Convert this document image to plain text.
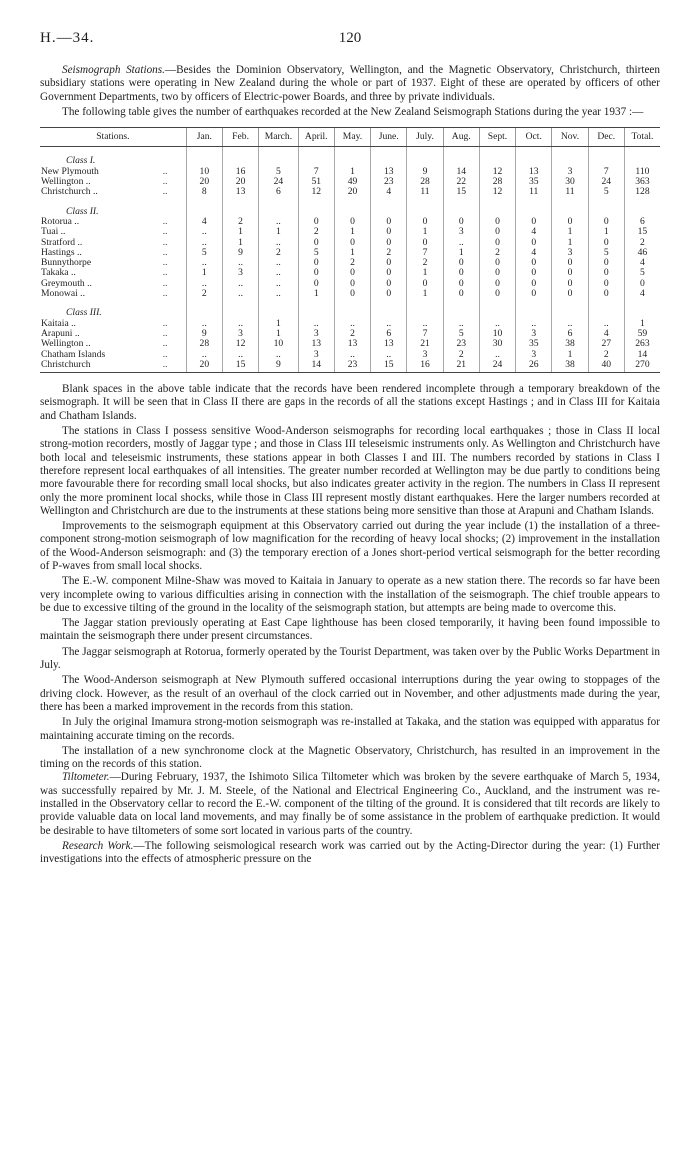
H.—34.	120

Seismograph Stations.—Besides the Dominion Observatory, Wellington, and the Magnetic Observatory, Christchurch, thirteen subsidiary stations were operating in New Zealand during the whole or part of 1937. Eight of these are operated by officers of other Government Departments, two by officers of Electric-power Boards, and three by private individuals.

The following table gives the number of earthquakes recorded at the New Zealand Seismograph Stations during the year 1937 :—

Stations.		Jan.	Feb.	March.	April.	May.	June.	July.	Aug.	Sept.	Oct.	Nov.	Dec.	Total.
Class I.														
New Plymouth	..	10	16	5	7	1	13	9	14	12	13	3	7	110
Wellington ..	..	20	20	24	51	49	23	28	22	28	35	30	24	363
Christchurch ..	..	8	13	6	12	20	4	11	15	12	11	11	5	128
Class II.														
Rotorua ..	..	4	2	..	0	0	0	0	0	0	0	0	0	6
Tuai ..	..	..	1	1	2	1	0	1	3	0	4	1	1	15
Stratford ..	..	..	1	..	0	0	0	0	..	0	0	1	0	2
Hastings ..	..	5	9	2	5	1	2	7	1	2	4	3	5	46
Bunnythorpe	..	..	..	..	0	2	0	2	0	0	0	0	0	4
Takaka ..	..	1	3	..	0	0	0	1	0	0	0	0	0	5
Greymouth ..	..	..	..	..	0	0	0	0	0	0	0	0	0	0
Monowai ..	..	2	..	..	1	0	0	1	0	0	0	0	0	4
Class III.														
Kaitaia ..	..	..	..	1	..	..	..	..	..	..	..	..	..	1
Arapuni ..	..	9	3	1	3	2	6	7	5	10	3	6	4	59
Wellington ..	..	28	12	10	13	13	13	21	23	30	35	38	27	263
Chatham Islands	..	..	..	..	3	..	..	3	2	..	3	1	2	14
Christchurch	..	20	15	9	14	23	15	16	21	24	26	38	40	270

Blank spaces in the above table indicate that the records have been rendered incomplete through a temporary breakdown of the seismograph. It will be seen that in Class II there are gaps in the records of all the stations except Hastings ; and in Class III for Kaitaia and Chatham Islands.

The stations in Class I possess sensitive Wood-Anderson seismographs for recording local earthquakes ; those in Class II local strong-motion recorders, mostly of Jaggar type ; and those in Class III teleseismic instruments only. As Wellington and Christchurch have both local and teleseismic instruments, these stations appear in both Classes I and III. The numbers recorded by stations in Class I therefore represent local earthquakes of all intensities. The greater number recorded at Wellington may be due partly to conditions being more favourable there for recording small local shocks, but also indicates greater activity in the region. The numbers in Class II represent only the more prominent local shocks, while those in Class III represent mostly distant earthquakes. Here the larger numbers recorded at Wellington and Christchurch are due to the instruments at these stations being more sensitive than those at Arapuni and Chatham Islands.

Improvements to the seismograph equipment at this Observatory carried out during the year include (1) the installation of a three-component strong-motion seismograph of low magnification for the recording of heavy local shocks; (2) improvement in the installation of the Wood-Anderson seismograph: and (3) the temporary erection of a Jones short-period vertical seismograph for the better recording of P-waves from small local shocks.

The E.-W. component Milne-Shaw was moved to Kaitaia in January to operate as a new station there. The records so far have been very incomplete owing to various difficulties arising in connection with the installation of the seismograph. The chief trouble appears to be due to excessive tilting of the ground in the locality of the seismograph station, but attempts are being made to overcome this.

The Jaggar station previously operating at East Cape lighthouse has been closed temporarily, it having been found impossible to maintain the seismograph there under present circumstances.

The Jaggar seismograph at Rotorua, formerly operated by the Tourist Department, was taken over by the Public Works Department in July.

The Wood-Anderson seismograph at New Plymouth suffered occasional interruptions during the year owing to stoppages of the driving clock. However, as the result of an overhaul of the clock carried out in November, and other adjustments made during the year, there has been a marked improvement in the records from this station.

In July the original Imamura strong-motion seismograph was re-installed at Takaka, and the station was equipped with apparatus for maintaining accurate timing on the records.

The installation of a new synchronome clock at the Magnetic Observatory, Christchurch, has resulted in an improvement in the timing on the records of this station.

Tiltometer.—During February, 1937, the Ishimoto Silica Tiltometer which was broken by the severe earthquake of March 5, 1934, was successfully repaired by Mr. J. M. Steele, of the National and Electrical Engineering Co., Auckland, and the instrument was re-installed in the Observatory cellar to record the E.-W. component of the tilting of the ground. It is considered that tilt records are likely to provide valuable data on local land movements, and may finally be of some assistance in the problem of earthquake prediction. It would be desirable to have tiltometers of some sort located in various parts of the country.

Research Work.—The following seismological research work was carried out by the Acting-Director during the year: (1) Further investigations into the effects of atmospheric pressure on the
